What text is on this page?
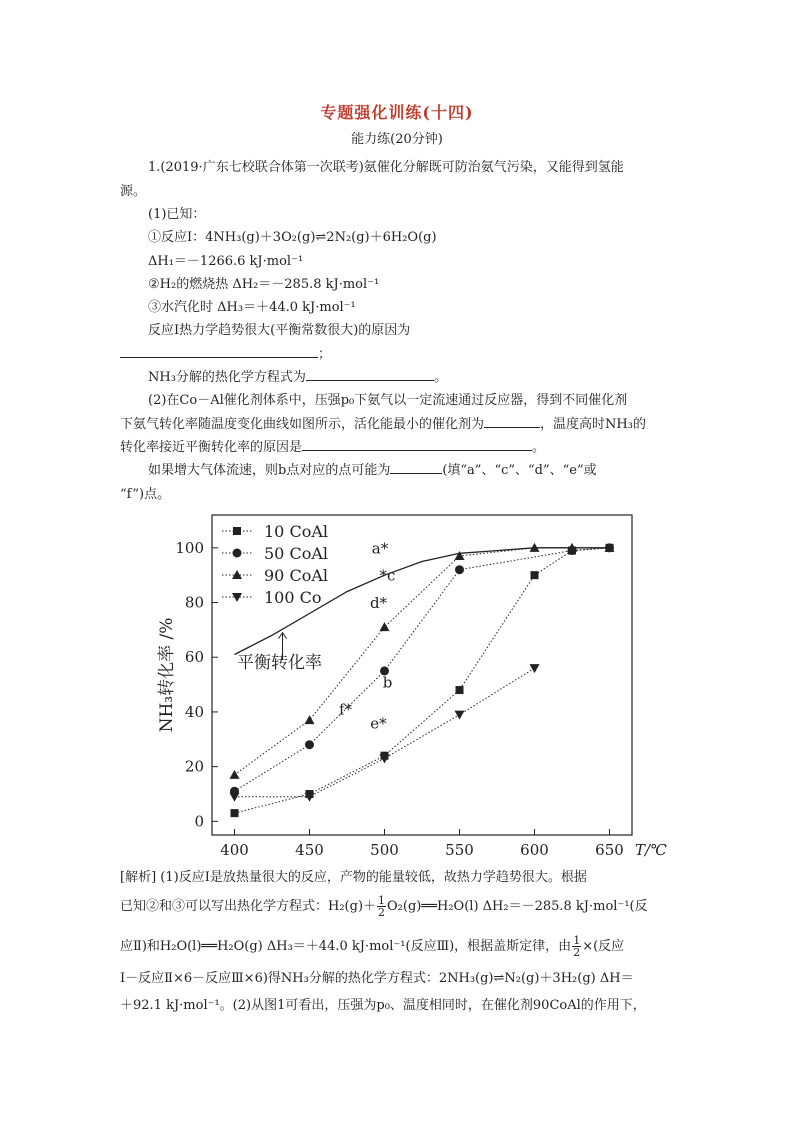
专题强化训练(十四)
能力练(20分钟)
1.(2019·广东七校联合体第一次联考)氨催化分解既可防治氨气污染，又能得到氢能
源。
(1)已知：
①反应Ⅰ：4NH₃(g)＋3O₂(g)⇌2N₂(g)＋6H₂O(g)
ΔH₁＝－1266.6 kJ·mol⁻¹
②H₂的燃烧热 ΔH₂＝－285.8 kJ·mol⁻¹
③水汽化时 ΔH₃＝＋44.0 kJ·mol⁻¹
反应Ⅰ热力学趋势很大(平衡常数很大)的原因为
；
NH₃分解的热化学方程式为	。
(2)在Co－Al催化剂体系中，压强p₀下氨气以一定流速通过反应器，得到不同催化剂
下氨气转化率随温度变化曲线如图所示，活化能最小的催化剂为	，温度高时NH₃的
转化率接近平衡转化率的原因是	。
如果增大气体流速，则b点对应的点可能为	(填“a”、“c”、“d”、“e”或
“f”)点。
400	450	500	550	600	650
0
20
40
60
80
100
T/℃
NH₃转化率 /%	平衡转化率
10 CoAl
50 CoAl
90 CoAl
100 Co
a*
*c
d*
b
f*
e*
[解析] (1)反应Ⅰ是放热量很大的反应，产物的能量较低，故热力学趋势很大。根据
已知②和③可以写出热化学方程式：$H_2(g)+ \frac{1}{2}$ O₂(g)══H₂O(l) ΔH₂＝－285.8 kJ·mol⁻¹(反
应Ⅱ)和H₂O(l)══H₂O(g) ΔH₃＝＋44.0 kJ·mol⁻¹(反应Ⅲ)，根据盖斯定律，由 $\frac{1}{2}$ ×(反应
Ⅰ－反应Ⅱ×6－反应Ⅲ×6)得NH₃分解的热化学方程式：2NH₃(g)⇌N₂(g)＋3H₂(g) ΔH＝
＋92.1 kJ·mol⁻¹。(2)从图1可看出，压强为p₀、温度相同时，在催化剂90CoAl的作用下，
